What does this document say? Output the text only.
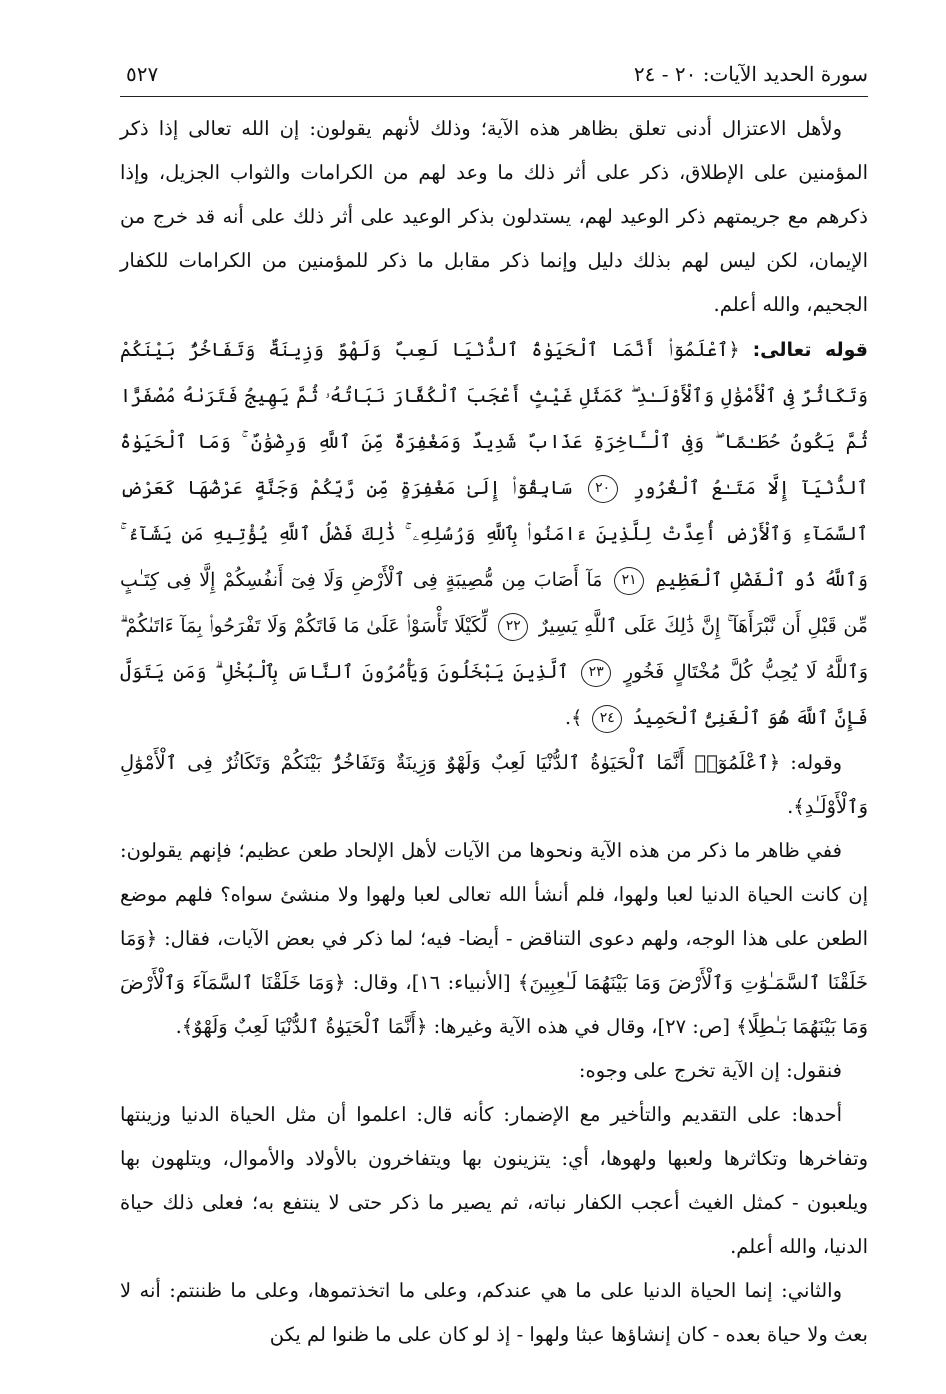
سورة الحديد الآيات: ٢٠ - ٢٤
٥٢٧

ولأهل الاعتزال أدنى تعلق بظاهر هذه الآية؛ وذلك لأنهم يقولون: إن الله تعالى إذا ذكر المؤمنين على الإطلاق، ذكر على أثر ذلك ما وعد لهم من الكرامات والثواب الجزيل، وإذا ذكرهم مع جريمتهم ذكر الوعيد لهم، يستدلون بذكر الوعيد على أثر ذلك على أنه قد خرج من الإيمان، لكن ليس لهم بذلك دليل وإنما ذكر مقابل ما ذكر للمؤمنين من الكرامات للكفار الجحيم، والله أعلم.

قوله تعالى: ﴿ٱعْلَمُوٓا۟ أَنَّمَا ٱلْحَيَوٰةُ ٱلدُّنْيَا لَعِبٌ وَلَهْوٌ وَزِينَةٌ وَتَفَاخُرٌۢ بَيْنَكُمْ وَتَكَاثُرٌ فِى ٱلْأَمْوَٰلِ وَٱلْأَوْلَـٰدِ ۖ كَمَثَلِ غَيْثٍ أَعْجَبَ ٱلْكُفَّارَ نَبَاتُهُۥ ثُمَّ يَهِيجُ فَتَرَىٰهُ مُصْفَرًّا ثُمَّ يَكُونُ حُطَـٰمًا ۖ وَفِى ٱلْـَٔاخِرَةِ عَذَابٌ شَدِيدٌ وَمَغْفِرَةٌ مِّنَ ٱللَّهِ وَرِضْوَٰنٌ ۚ وَمَا ٱلْحَيَوٰةُ ٱلدُّنْيَآ إِلَّا مَتَـٰعُ ٱلْغُرُورِ ٢٠ سَابِقُوٓا۟ إِلَىٰ مَغْفِرَةٍ مِّن رَّبِّكُمْ وَجَنَّةٍ عَرْضُهَا كَعَرْضِ ٱلسَّمَآءِ وَٱلْأَرْضِ أُعِدَّتْ لِلَّذِينَ ءَامَنُوا۟ بِٱللَّهِ وَرُسُلِهِۦ ۚ ذَٰلِكَ فَضْلُ ٱللَّهِ يُؤْتِيهِ مَن يَشَآءُ ۚ وَٱللَّهُ ذُو ٱلْفَضْلِ ٱلْعَظِيمِ ٢١ مَآ أَصَابَ مِن مُّصِيبَةٍ فِى ٱلْأَرْضِ وَلَا فِىٓ أَنفُسِكُمْ إِلَّا فِى كِتَـٰبٍ مِّن قَبْلِ أَن نَّبْرَأَهَآ ۚ إِنَّ ذَٰلِكَ عَلَى ٱللَّهِ يَسِيرٌ ٢٢ لِّكَيْلَا تَأْسَوْا۟ عَلَىٰ مَا فَاتَكُمْ وَلَا تَفْرَحُوا۟ بِمَآ ءَاتَىٰكُمْ ۗ وَٱللَّهُ لَا يُحِبُّ كُلَّ مُخْتَالٍ فَخُورٍ ٢٣ ٱلَّذِينَ يَبْخَلُونَ وَيَأْمُرُونَ ٱلنَّاسَ بِٱلْبُخْلِ ۗ وَمَن يَتَوَلَّ فَإِنَّ ٱللَّهَ هُوَ ٱلْغَنِىُّ ٱلْحَمِيدُ ٢٤ ﴾.

وقوله: ﴿ٱعْلَمُوٓا۟ أَنَّمَا ٱلْحَيَوٰةُ ٱلدُّنْيَا لَعِبٌ وَلَهْوٌ وَزِينَةٌ وَتَفَاخُرٌۢ بَيْنَكُمْ وَتَكَاثُرٌ فِى ٱلْأَمْوَٰلِ وَٱلْأَوْلَـٰدِ﴾.

ففي ظاهر ما ذكر من هذه الآية ونحوها من الآيات لأهل الإلحاد طعن عظيم؛ فإنهم يقولون: إن كانت الحياة الدنيا لعبا ولهوا، فلم أنشأ الله تعالى لعبا ولهوا ولا منشئ سواه؟ فلهم موضع الطعن على هذا الوجه، ولهم دعوى التناقض - أيضا- فيه؛ لما ذكر في بعض الآيات، فقال: ﴿وَمَا خَلَقْنَا ٱلسَّمَـٰوَٰتِ وَٱلْأَرْضَ وَمَا بَيْنَهُمَا لَـٰعِبِينَ﴾ [الأنبياء: ١٦]، وقال: ﴿وَمَا خَلَقْنَا ٱلسَّمَآءَ وَٱلْأَرْضَ وَمَا بَيْنَهُمَا بَـٰطِلًا﴾ [ص: ٢٧]، وقال في هذه الآية وغيرها: ﴿أَنَّمَا ٱلْحَيَوٰةُ ٱلدُّنْيَا لَعِبٌ وَلَهْوٌ﴾.

فنقول: إن الآية تخرج على وجوه:

أحدها: على التقديم والتأخير مع الإضمار: كأنه قال: اعلموا أن مثل الحياة الدنيا وزينتها وتفاخرها وتكاثرها ولعبها ولهوها، أي: يتزينون بها ويتفاخرون بالأولاد والأموال، ويتلهون بها ويلعبون - كمثل الغيث أعجب الكفار نباته، ثم يصير ما ذكر حتى لا ينتفع به؛ فعلى ذلك حياة الدنيا، والله أعلم.

والثاني: إنما الحياة الدنيا على ما هي عندكم، وعلى ما اتخذتموها، وعلى ما ظننتم: أنه لا بعث ولا حياة بعده - كان إنشاؤها عبثا ولهوا - إذ لو كان على ما ظنوا لم يكن
